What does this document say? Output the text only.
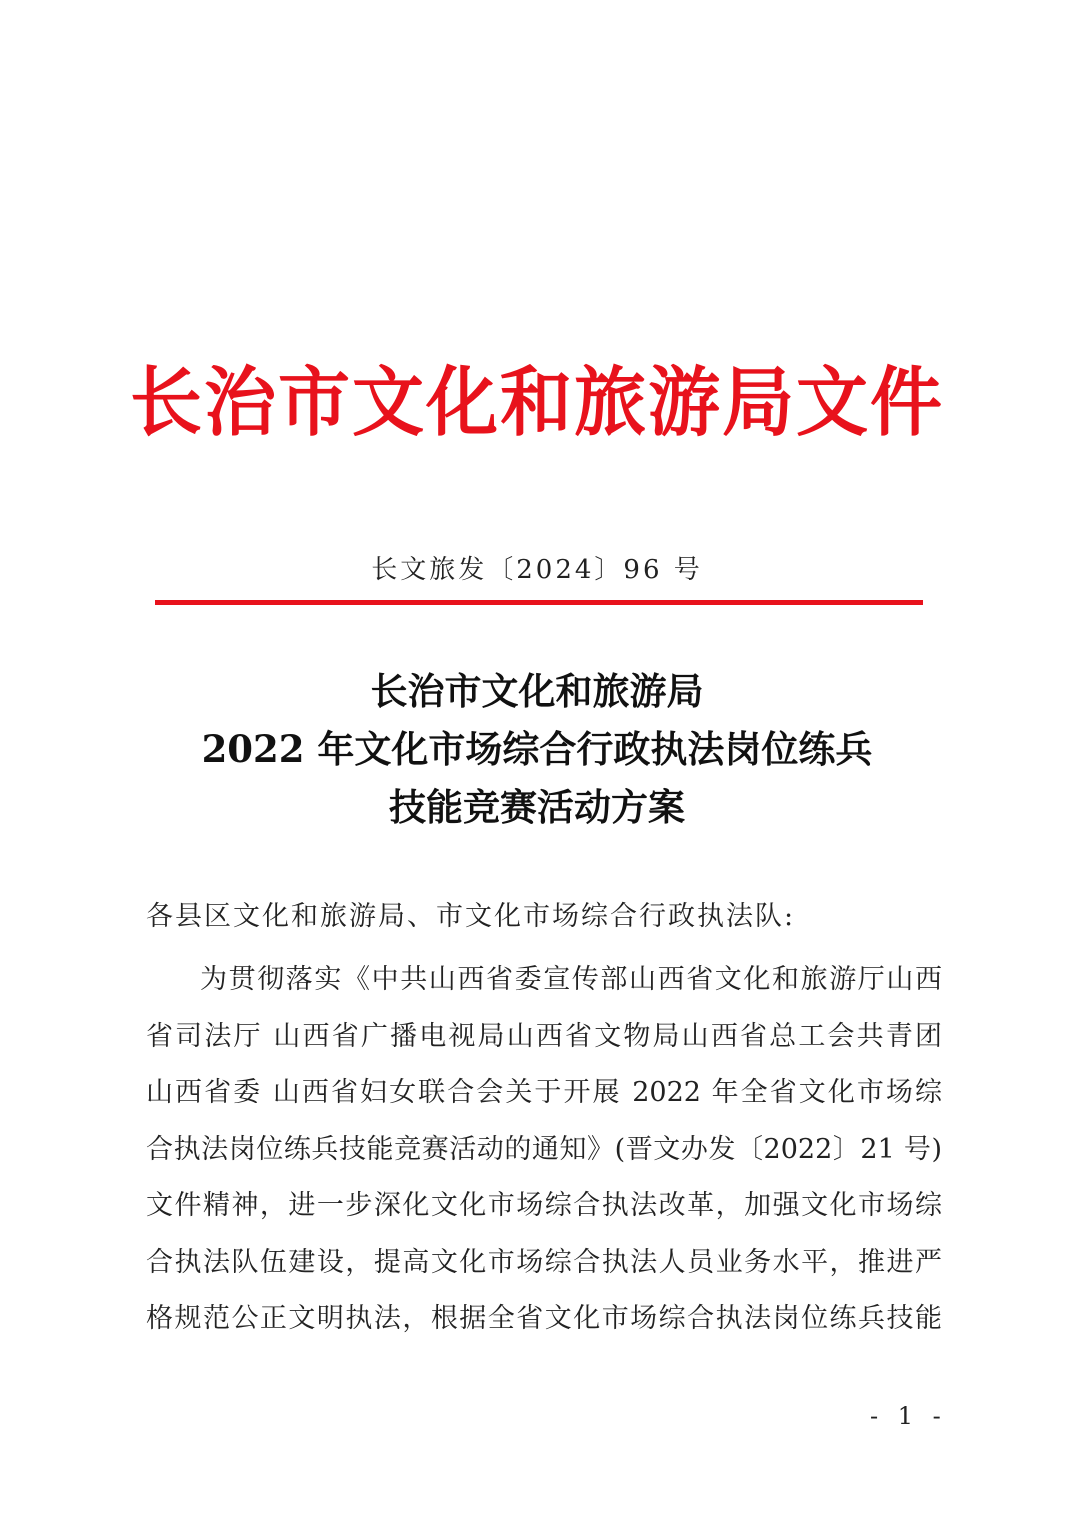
长治市文化和旅游局文件
长文旅发〔2024〕96 号
长治市文化和旅游局
2022 年文化市场综合行政执法岗位练兵
技能竞赛活动方案
各县区文化和旅游局、市文化市场综合行政执法队:
为贯彻落实《中共山西省委宣传部山西省文化和旅游厅山西
省司法厅 山西省广播电视局山西省文物局山西省总工会共青团
山西省委 山西省妇女联合会关于开展 2022 年全省文化市场综
合执法岗位练兵技能竞赛活动的通知》(晋文办发〔2022〕21 号)
文件精神，进一步深化文化市场综合执法改革，加强文化市场综
合执法队伍建设，提高文化市场综合执法人员业务水平，推进严
格规范公正文明执法，根据全省文化市场综合执法岗位练兵技能
- 1 -
